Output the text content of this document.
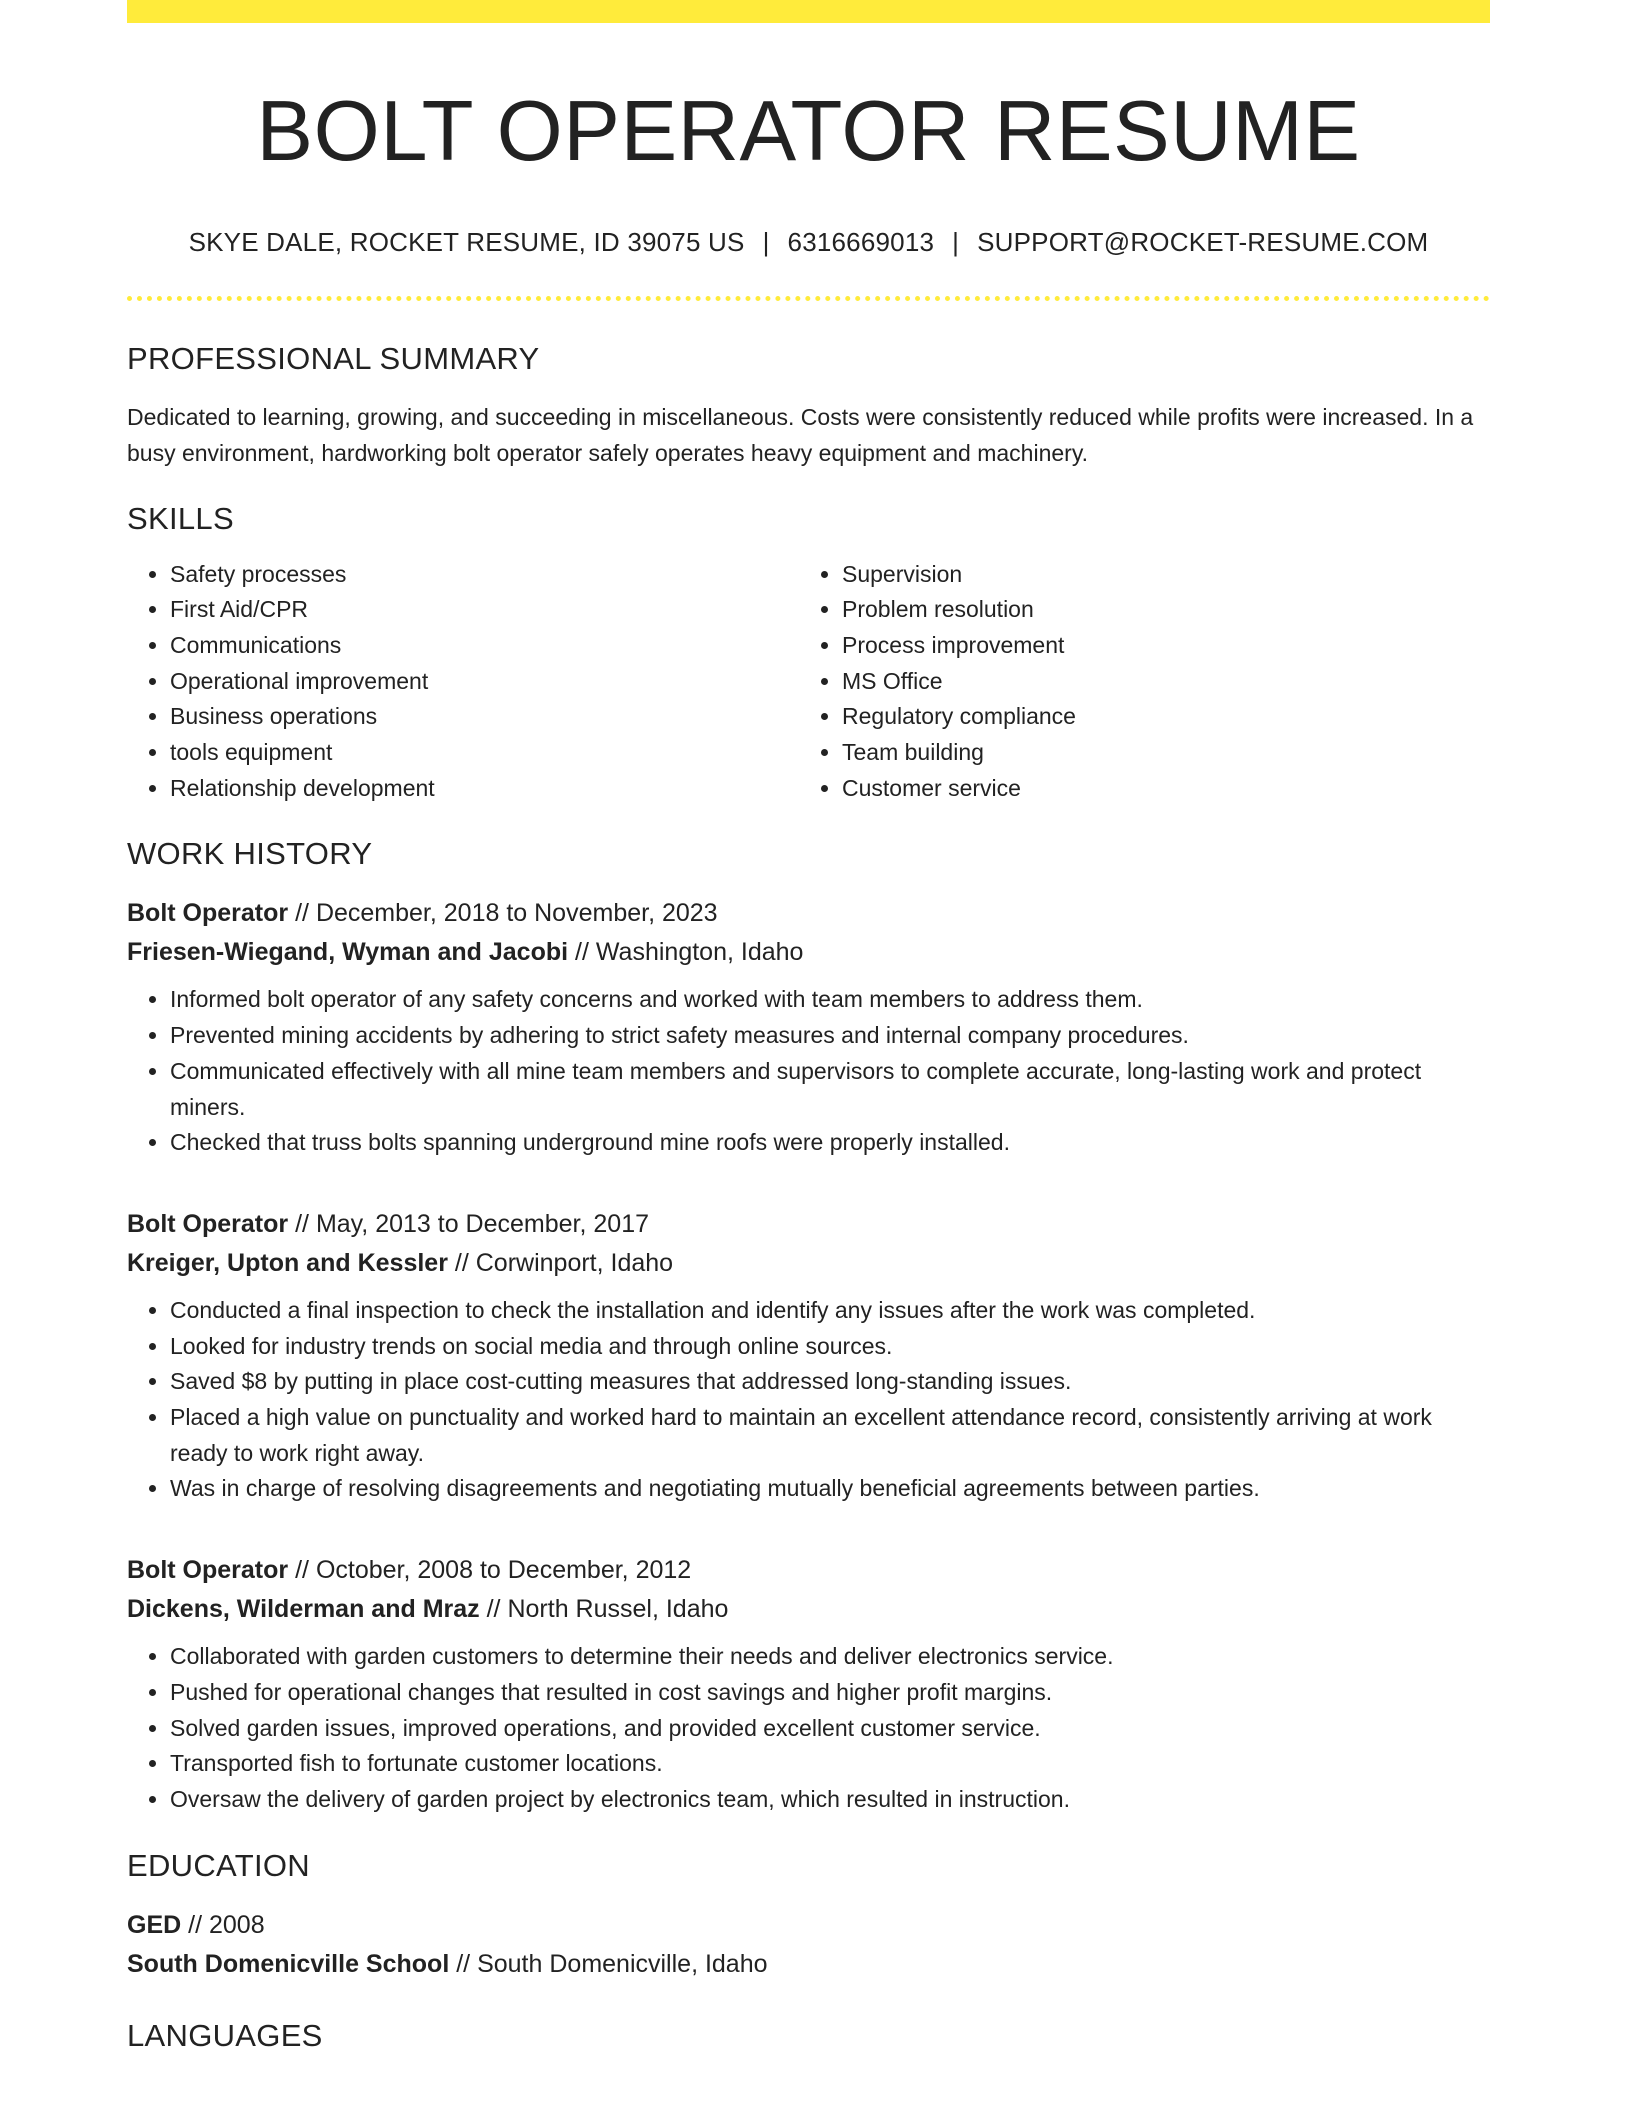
BOLT OPERATOR RESUME
SKYE DALE, ROCKET RESUME, ID 39075 US | 6316669013 | SUPPORT@ROCKET-RESUME.COM
PROFESSIONAL SUMMARY

Dedicated to learning, growing, and succeeding in miscellaneous. Costs were consistently reduced while profits were increased. In a busy environment, hardworking bolt operator safely operates heavy equipment and machinery.

SKILLS
• Safety processes
• First Aid/CPR
• Communications
• Operational improvement
• Business operations
• tools equipment
• Relationship development
• Supervision
• Problem resolution
• Process improvement
• MS Office
• Regulatory compliance
• Team building
• Customer service
WORK HISTORY
Bolt Operator // December, 2018 to November, 2023
Friesen-Wiegand, Wyman and Jacobi // Washington, Idaho
• Informed bolt operator of any safety concerns and worked with team members to address them.
• Prevented mining accidents by adhering to strict safety measures and internal company procedures.
• Communicated effectively with all mine team members and supervisors to complete accurate, long-lasting work and protect miners.
• Checked that truss bolts spanning underground mine roofs were properly installed.
Bolt Operator // May, 2013 to December, 2017
Kreiger, Upton and Kessler // Corwinport, Idaho
• Conducted a final inspection to check the installation and identify any issues after the work was completed.
• Looked for industry trends on social media and through online sources.
• Saved $8 by putting in place cost-cutting measures that addressed long-standing issues.
• Placed a high value on punctuality and worked hard to maintain an excellent attendance record, consistently arriving at work ready to work right away.
• Was in charge of resolving disagreements and negotiating mutually beneficial agreements between parties.
Bolt Operator // October, 2008 to December, 2012
Dickens, Wilderman and Mraz // North Russel, Idaho
• Collaborated with garden customers to determine their needs and deliver electronics service.
• Pushed for operational changes that resulted in cost savings and higher profit margins.
• Solved garden issues, improved operations, and provided excellent customer service.
• Transported fish to fortunate customer locations.
• Oversaw the delivery of garden project by electronics team, which resulted in instruction.
EDUCATION
GED // 2008
South Domenicville School // South Domenicville, Idaho
LANGUAGES
